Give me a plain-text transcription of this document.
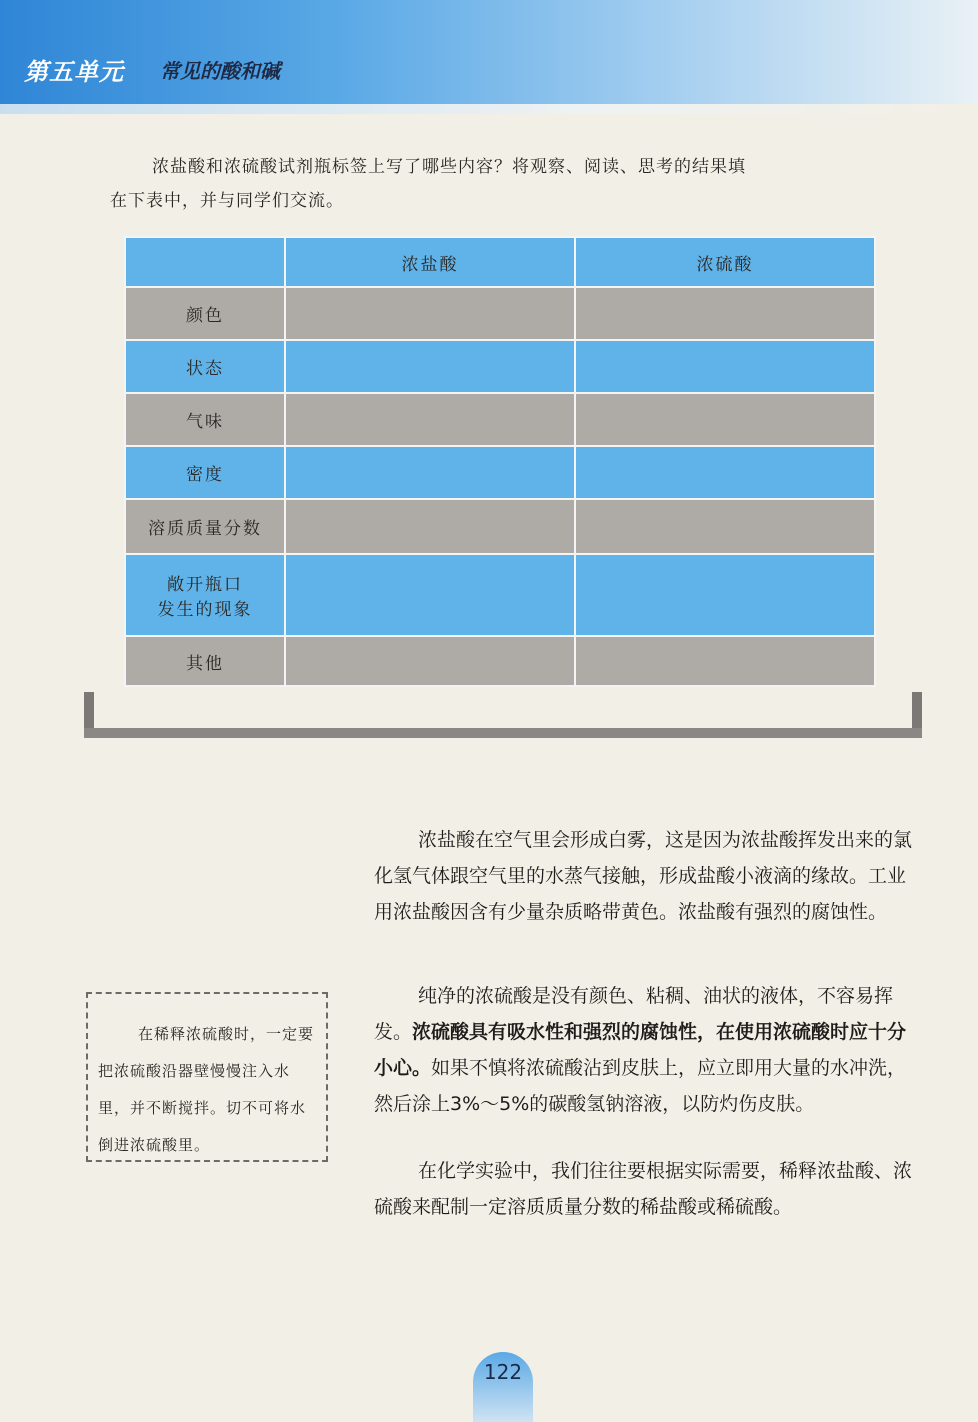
第五单元 常见的酸和碱

浓盐酸和浓硫酸试剂瓶标签上写了哪些内容？将观察、阅读、思考的结果填

在下表中，并与同学们交流。

	浓盐酸	浓硫酸
颜色		
状态		
气味		
密度		
溶质质量分数		

敞开瓶口
发生的现象		

其他		

浓盐酸在空气里会形成白雾，这是因为浓盐酸挥发出来的氯化氢气体跟空气里的水蒸气接触，形成盐酸小液滴的缘故。工业用浓盐酸因含有少量杂质略带黄色。浓盐酸有强烈的腐蚀性。

纯净的浓硫酸是没有颜色、粘稠、油状的液体，不容易挥发。浓硫酸具有吸水性和强烈的腐蚀性，在使用浓硫酸时应十分小心。如果不慎将浓硫酸沾到皮肤上，应立即用大量的水冲洗，然后涂上3%～5%的碳酸氢钠溶液，以防灼伤皮肤。

在化学实验中，我们往往要根据实际需要，稀释浓盐酸、浓硫酸来配制一定溶质质量分数的稀盐酸或稀硫酸。

在稀释浓硫酸时，一定要把浓硫酸沿器壁慢慢注入水里，并不断搅拌。切不可将水倒进浓硫酸里。

122
